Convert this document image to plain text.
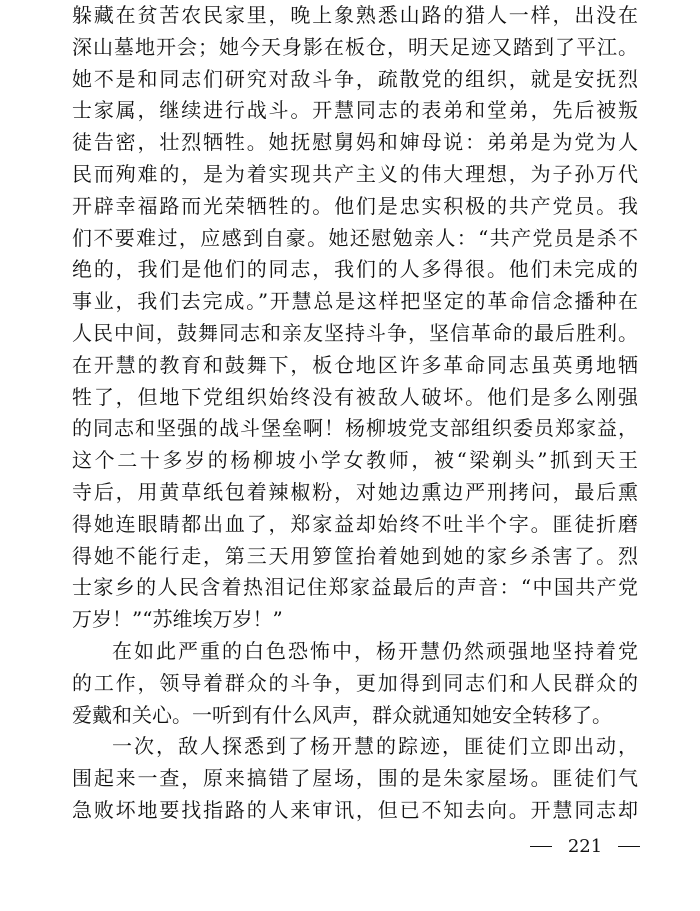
躲藏在贫苦农民家里，晚上象熟悉山路的猎人一样，出没在
深山墓地开会；她今天身影在板仓，明天足迹又踏到了平江。
她不是和同志们研究对敌斗争，疏散党的组织，就是安抚烈
士家属，继续进行战斗。开慧同志的表弟和堂弟，先后被叛
徒告密，壮烈牺牲。她抚慰舅妈和婶母说：弟弟是为党为人
民而殉难的，是为着实现共产主义的伟大理想，为子孙万代
开辟幸福路而光荣牺牲的。他们是忠实积极的共产党员。我
们不要难过，应感到自豪。她还慰勉亲人：“共产党员是杀不
绝的，我们是他们的同志，我们的人多得很。他们未完成的
事业，我们去完成。”开慧总是这样把坚定的革命信念播种在
人民中间，鼓舞同志和亲友坚持斗争，坚信革命的最后胜利。
在开慧的教育和鼓舞下，板仓地区许多革命同志虽英勇地牺
牲了，但地下党组织始终没有被敌人破坏。他们是多么刚强
的同志和坚强的战斗堡垒啊！杨柳坡党支部组织委员郑家益，
这个二十多岁的杨柳坡小学女教师，被“梁剃头”抓到天王
寺后，用黄草纸包着辣椒粉，对她边熏边严刑拷问，最后熏
得她连眼睛都出血了，郑家益却始终不吐半个字。匪徒折磨
得她不能行走，第三天用箩筐抬着她到她的家乡杀害了。烈
士家乡的人民含着热泪记住郑家益最后的声音：“中国共产党
万岁！”“苏维埃万岁！”
在如此严重的白色恐怖中，杨开慧仍然顽强地坚持着党
的工作，领导着群众的斗争，更加得到同志们和人民群众的
爱戴和关心。一听到有什么风声，群众就通知她安全转移了。
一次，敌人探悉到了杨开慧的踪迹，匪徒们立即出动，
围起来一查，原来搞错了屋场，围的是朱家屋场。匪徒们气
急败坏地要找指路的人来审讯，但已不知去向。开慧同志却
221
